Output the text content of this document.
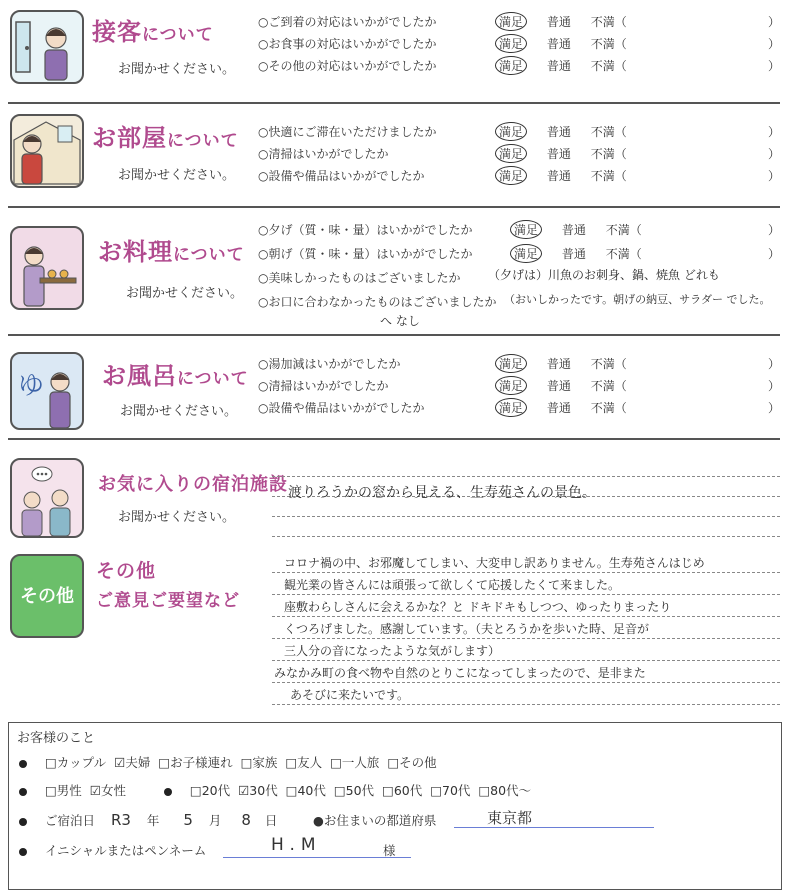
接客について
お聞かせください。
○ご到着の対応はいかがでしたか	満足 普通 不満（	）
○お食事の対応はいかがでしたか	満足 普通 不満（	）
○その他の対応はいかがでしたか	満足 普通 不満（	）
お部屋について
お聞かせください。
○快適にご滞在いただけましたか	満足 普通 不満（	）
○清掃はいかがでしたか	満足 普通 不満（	）
○設備や備品はいかがでしたか	満足 普通 不満（	）
お料理について
お聞かせください。
○夕げ（質・味・量）はいかがでしたか	満足 普通 不満（	）
○朝げ（質・味・量）はいかがでしたか	満足 普通 不満（	）
○美味しかったものはございましたか （夕げは）川魚のお刺身、鍋、焼魚 どれも
○お口に合わなかったものはございましたか （おいしかったです。朝げの納豆、サラダー でした。
へ なし
ゆ お風呂について
お聞かせください。
○湯加減はいかがでしたか	満足 普通 不満（	）
○清掃はいかがでしたか	満足 普通 不満（	）
○設備や備品はいかがでしたか	満足 普通 不満（	）
お気に入りの宿泊施設
お聞かせください。
渡りろうかの窓から見える、生寿苑さんの景色。
その他
その他
ご意見ご要望など
コロナ禍の中、お邪魔してしまい、大変申し訳ありません。生寿苑さんはじめ
観光業の皆さんには頑張って欲しくて応援したくて来ました。
座敷わらしさんに会えるかな？と ドキドキもしつつ、ゆったりまったり
くつろげました。感謝しています。（夫とろうかを歩いた時、足音が
三人分の音になったような気がします）
みなかみ町の食べ物や自然のとりこになってしまったので、是非また
あそびに来たいです。
お客様のこと
□カップル ☑夫婦 □お子様連れ □家族 □友人 □一人旅 □その他
□男性 ☑女性	□20代 ☑30代 □40代 □50代 □60代 □70代 □80代～
ご宿泊日 R3 年 5 月 8 日	●お住まいの都道府県	東京都
イニシャルまたはペンネーム	H.M	様
